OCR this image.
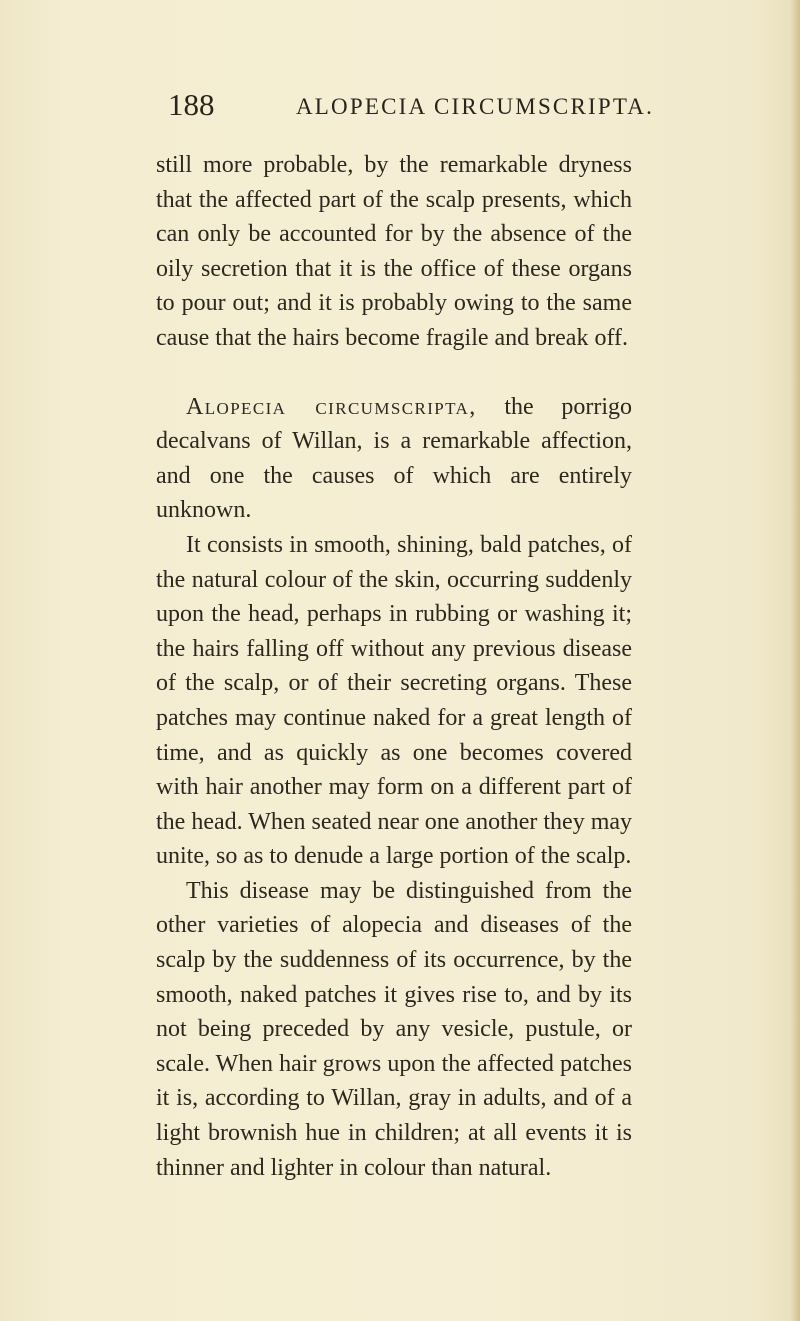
188	ALOPECIA CIRCUMSCRIPTA.

still more probable, by the remarkable dryness that the affected part of the scalp presents, which can only be accounted for by the absence of the oily secretion that it is the office of these organs to pour out; and it is probably owing to the same cause that the hairs become fragile and break off.

Alopecia circumscripta, the porrigo decalvans of Willan, is a remarkable affection, and one the causes of which are entirely unknown.

It consists in smooth, shining, bald patches, of the natural colour of the skin, occurring suddenly upon the head, perhaps in rubbing or washing it; the hairs falling off without any previous disease of the scalp, or of their secreting organs. These patches may continue naked for a great length of time, and as quickly as one becomes covered with hair another may form on a different part of the head. When seated near one another they may unite, so as to denude a large portion of the scalp.

This disease may be distinguished from the other varieties of alopecia and diseases of the scalp by the suddenness of its occurrence, by the smooth, naked patches it gives rise to, and by its not being preceded by any vesicle, pustule, or scale. When hair grows upon the affected patches it is, according to Willan, gray in adults, and of a light brownish hue in children; at all events it is thinner and lighter in colour than natural.
